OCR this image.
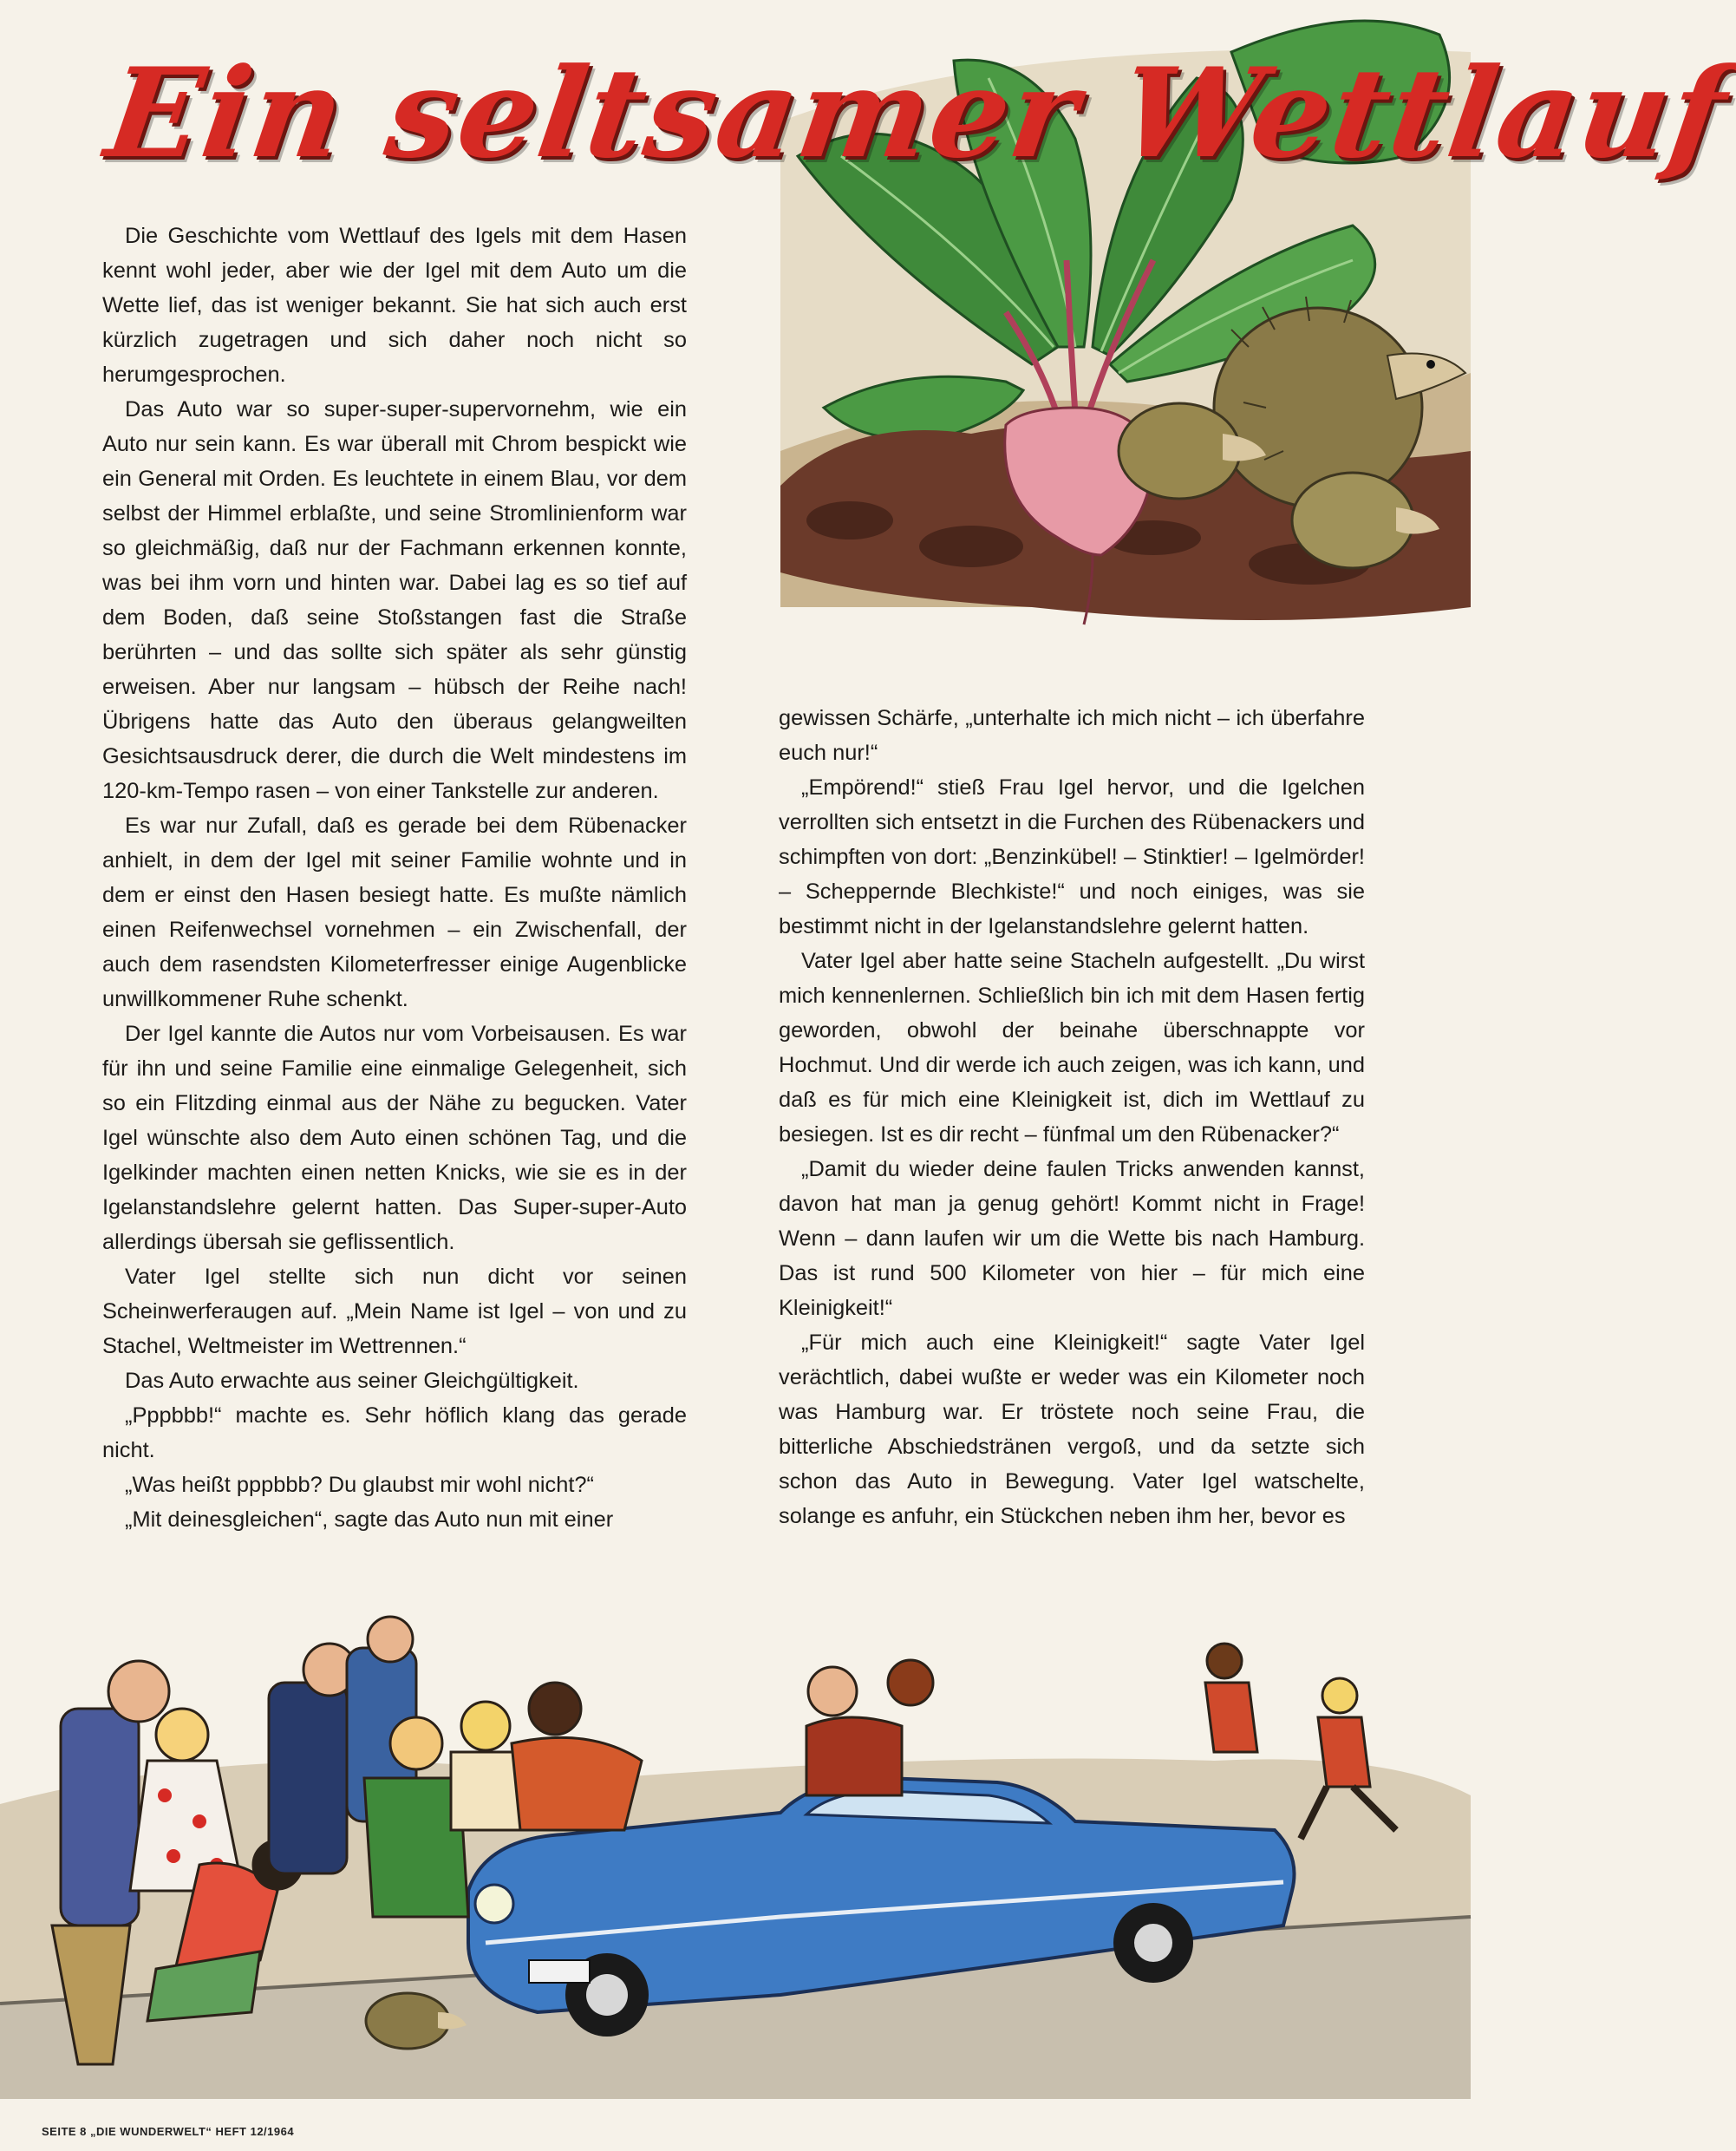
Ein seltsamer Wettlauf

Die Geschichte vom Wettlauf des Igels mit dem Hasen kennt wohl jeder, aber wie der Igel mit dem Auto um die Wette lief, das ist weniger bekannt. Sie hat sich auch erst kürzlich zugetragen und sich daher noch nicht so herumgesprochen.

Das Auto war so super-super-supervornehm, wie ein Auto nur sein kann. Es war überall mit Chrom bespickt wie ein General mit Orden. Es leuchtete in einem Blau, vor dem selbst der Himmel erblaßte, und seine Stromlinienform war so gleichmäßig, daß nur der Fachmann erkennen konnte, was bei ihm vorn und hinten war. Dabei lag es so tief auf dem Boden, daß seine Stoßstangen fast die Straße berührten – und das sollte sich später als sehr günstig erweisen. Aber nur langsam – hübsch der Reihe nach! Übrigens hatte das Auto den überaus gelangweilten Gesichtsausdruck derer, die durch die Welt mindestens im 120-km-Tempo rasen – von einer Tankstelle zur anderen.

Es war nur Zufall, daß es gerade bei dem Rübenacker anhielt, in dem der Igel mit seiner Familie wohnte und in dem er einst den Hasen besiegt hatte. Es mußte nämlich einen Reifenwechsel vornehmen – ein Zwischenfall, der auch dem rasendsten Kilometerfresser einige Augenblicke unwillkommener Ruhe schenkt.

Der Igel kannte die Autos nur vom Vorbeisausen. Es war für ihn und seine Familie eine einmalige Gelegenheit, sich so ein Flitzding einmal aus der Nähe zu begucken. Vater Igel wünschte also dem Auto einen schönen Tag, und die Igelkinder machten einen netten Knicks, wie sie es in der Igelanstandslehre gelernt hatten. Das Super-super-Auto allerdings übersah sie geflissentlich.

Vater Igel stellte sich nun dicht vor seinen Scheinwerferaugen auf. „Mein Name ist Igel – von und zu Stachel, Weltmeister im Wettrennen.“

Das Auto erwachte aus seiner Gleichgültigkeit.

„Pppbbb!“ machte es. Sehr höflich klang das gerade nicht.

„Was heißt pppbbb? Du glaubst mir wohl nicht?“

„Mit deinesgleichen“, sagte das Auto nun mit einer

gewissen Schärfe, „unterhalte ich mich nicht – ich überfahre euch nur!“

„Empörend!“ stieß Frau Igel hervor, und die Igelchen verrollten sich entsetzt in die Furchen des Rübenackers und schimpften von dort: „Benzinkübel! – Stinktier! – Igelmörder! – Scheppernde Blechkiste!“ und noch einiges, was sie bestimmt nicht in der Igelanstandslehre gelernt hatten.

Vater Igel aber hatte seine Stacheln aufgestellt. „Du wirst mich kennenlernen. Schließlich bin ich mit dem Hasen fertig geworden, obwohl der beinahe überschnappte vor Hochmut. Und dir werde ich auch zeigen, was ich kann, und daß es für mich eine Kleinigkeit ist, dich im Wettlauf zu besiegen. Ist es dir recht – fünfmal um den Rübenacker?“

„Damit du wieder deine faulen Tricks anwenden kannst, davon hat man ja genug gehört! Kommt nicht in Frage! Wenn – dann laufen wir um die Wette bis nach Hamburg. Das ist rund 500 Kilometer von hier – für mich eine Kleinigkeit!“

„Für mich auch eine Kleinigkeit!“ sagte Vater Igel verächtlich, dabei wußte er weder was ein Kilometer noch was Hamburg war. Er tröstete noch seine Frau, die bitterliche Abschiedstränen vergoß, und da setzte sich schon das Auto in Bewegung. Vater Igel watschelte, solange es anfuhr, ein Stückchen neben ihm her, bevor es

SEITE 8 „DIE WUNDERWELT“ HEFT 12/1964
